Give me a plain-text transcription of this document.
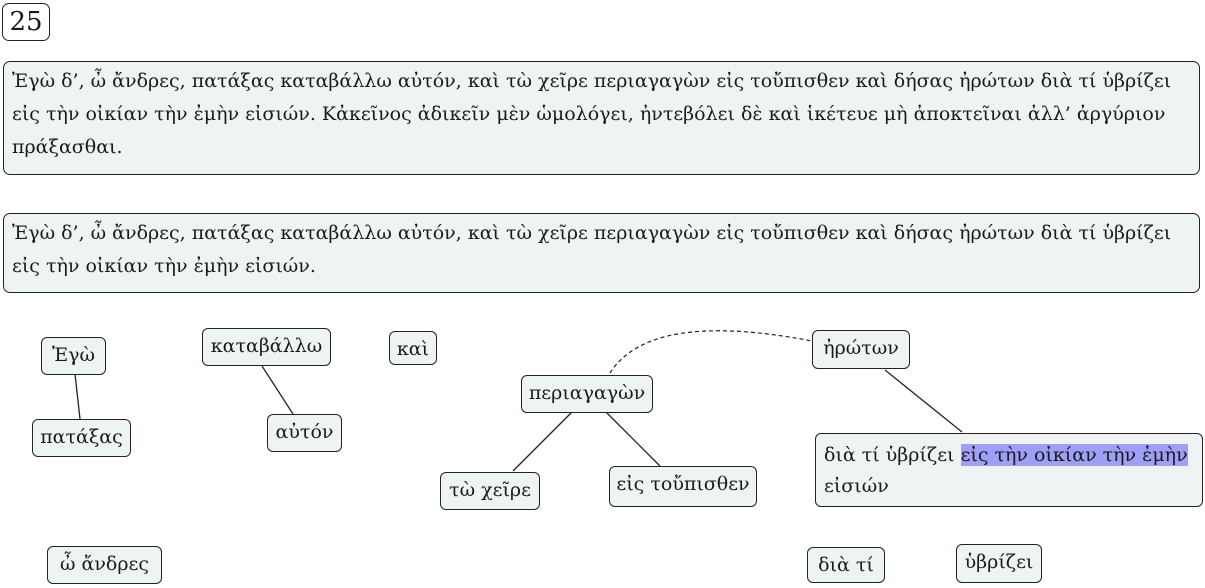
25
Ἐγὼ δ’, ὦ ἄνδρες, πατάξας καταβάλλω αὐτόν, καὶ τὼ χεῖρε περιαγαγὼν εἰς τοὔπισθεν καὶ δήσας ἠρώτων διὰ τί ὑβρίζει εἰς τὴν οἰκίαν τὴν ἐμὴν εἰσιών. Κἀκεῖνος ἀδικεῖν μὲν ὡμολόγει, ἠντεβόλει δὲ καὶ ἱκέτευε μὴ ἀποκτεῖναι ἀλλ’ ἀργύριον πράξασθαι.
Ἐγὼ δ’, ὦ ἄνδρες, πατάξας καταβάλλω αὐτόν, καὶ τὼ χεῖρε περιαγαγὼν εἰς τοὔπισθεν καὶ δήσας ἠρώτων διὰ τί ὑβρίζει εἰς τὴν οἰκίαν τὴν ἐμὴν εἰσιών.
Ἐγὼ
πατάξας
καταβάλλω
αὐτόν
καὶ
περιαγαγὼν
τὼ χεῖρε	εἰς τοὔπισθεν
ἠρώτων
διὰ τί ὑβρίζει εἰς τὴν οἰκίαν τὴν ἐμὴν εἰσιών
ὦ ἄνδρες	διὰ τί	ὑβρίζει
